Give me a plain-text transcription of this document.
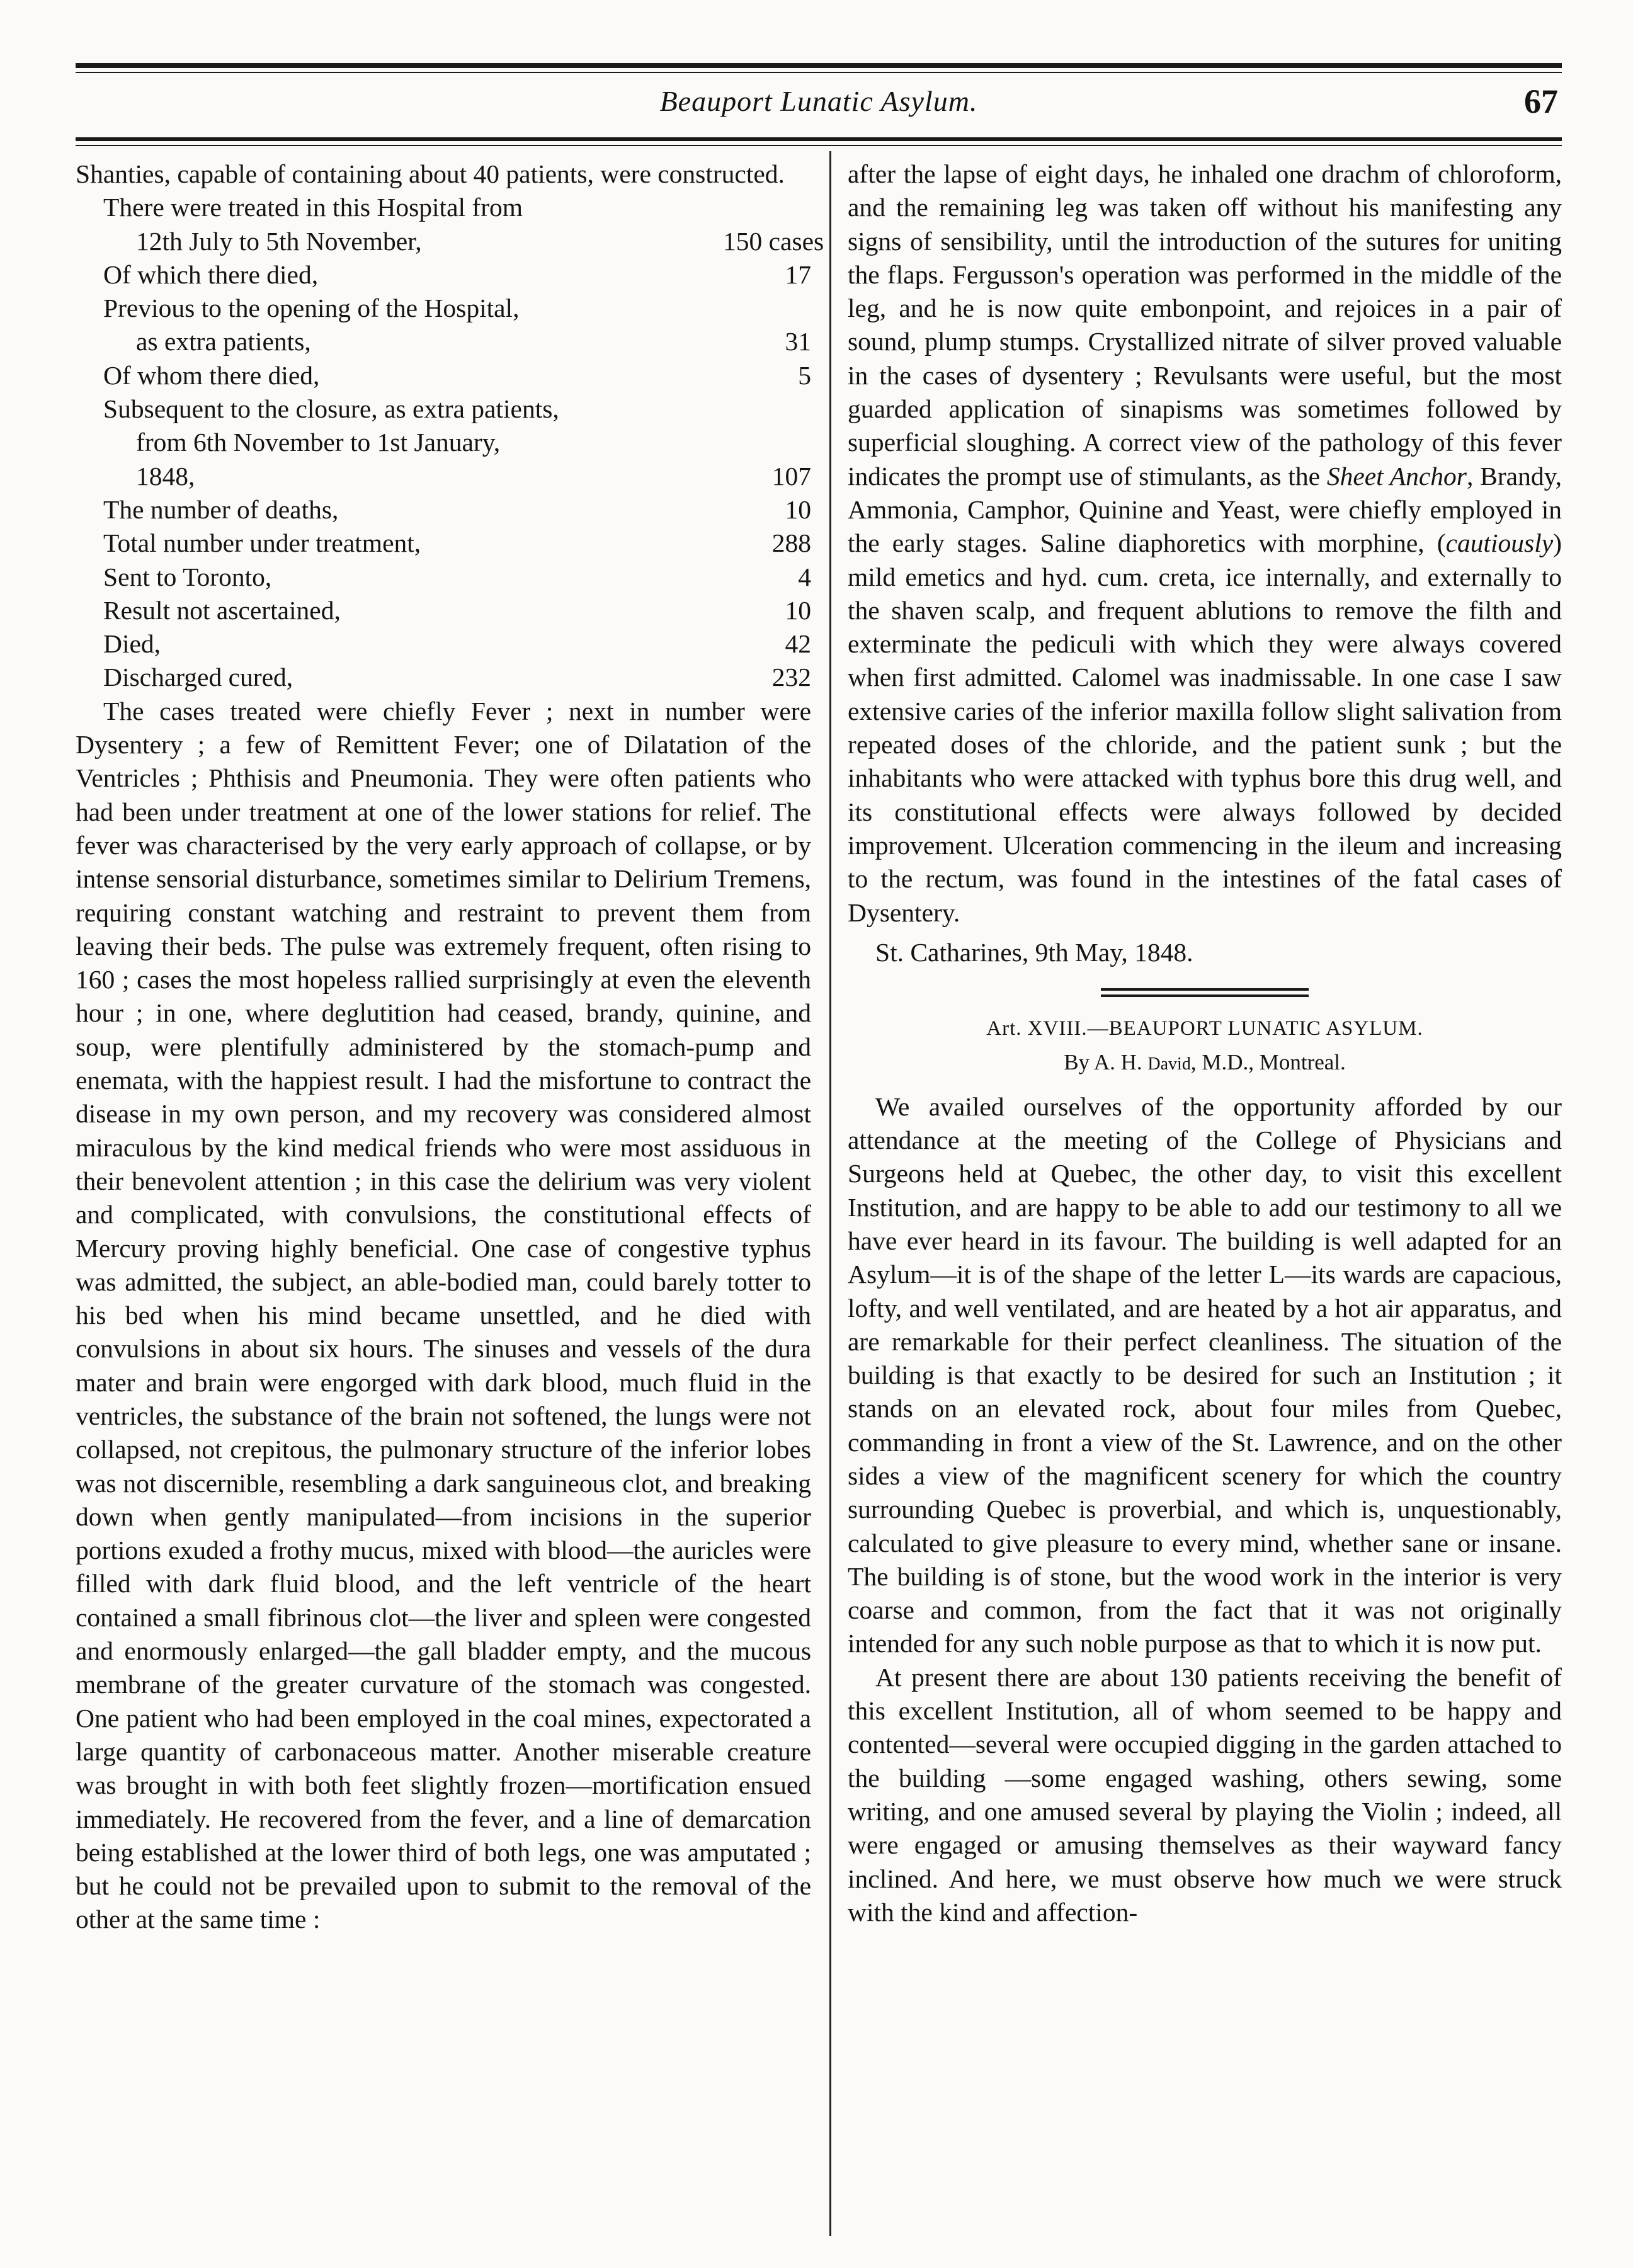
Beauport Lunatic Asylum.	67

Shanties, capable of containing about 40 patients, were constructed.

There were treated in this Hospital from

12th July to 5th November,	150 cases
Of which there died,	17
Previous to the opening of the Hospital,
as extra patients,	31
Of whom there died,	5
Subsequent to the closure, as extra patients,
from 6th November to 1st January,
1848,	107
The number of deaths,	10
Total number under treatment,	288
Sent to Toronto,	4
Result not ascertained,	10
Died,	42
Discharged cured,	232

The cases treated were chiefly Fever ; next in number were Dysentery ; a few of Remittent Fever; one of Dilatation of the Ventricles ; Phthisis and Pneumonia. They were often patients who had been under treatment at one of the lower stations for relief. The fever was characterised by the very early approach of collapse, or by intense sensorial disturbance, sometimes similar to Delirium Tremens, requiring constant watching and restraint to prevent them from leaving their beds. The pulse was extremely frequent, often rising to 160 ; cases the most hopeless rallied surprisingly at even the eleventh hour ; in one, where deglutition had ceased, brandy, quinine, and soup, were plentifully administered by the stomach-pump and enemata, with the happiest result. I had the misfortune to contract the disease in my own person, and my recovery was considered almost miraculous by the kind medical friends who were most assiduous in their benevolent attention ; in this case the delirium was very violent and complicated, with convulsions, the constitutional effects of Mercury proving highly beneficial. One case of congestive typhus was admitted, the subject, an able-bodied man, could barely totter to his bed when his mind became unsettled, and he died with convulsions in about six hours. The sinuses and vessels of the dura mater and brain were engorged with dark blood, much fluid in the ventricles, the substance of the brain not softened, the lungs were not collapsed, not crepitous, the pulmonary structure of the inferior lobes was not discernible, resembling a dark sanguineous clot, and breaking down when gently manipulated—from incisions in the superior portions exuded a frothy mucus, mixed with blood—the auricles were filled with dark fluid blood, and the left ventricle of the heart contained a small fibrinous clot—the liver and spleen were congested and enormously enlarged—the gall bladder empty, and the mucous membrane of the greater curvature of the stomach was congested. One patient who had been employed in the coal mines, expectorated a large quantity of carbonaceous matter. Another miserable creature was brought in with both feet slightly frozen—mortification ensued immediately. He recovered from the fever, and a line of demarcation being established at the lower third of both legs, one was amputated ; but he could not be prevailed upon to submit to the removal of the other at the same time :

after the lapse of eight days, he inhaled one drachm of chloroform, and the remaining leg was taken off without his manifesting any signs of sensibility, until the introduction of the sutures for uniting the flaps. Fergusson's operation was performed in the middle of the leg, and he is now quite embonpoint, and rejoices in a pair of sound, plump stumps. Crystallized nitrate of silver proved valuable in the cases of dysentery ; Revulsants were useful, but the most guarded application of sinapisms was sometimes followed by superficial sloughing. A correct view of the pathology of this fever indicates the prompt use of stimulants, as the Sheet Anchor, Brandy, Ammonia, Camphor, Quinine and Yeast, were chiefly employed in the early stages. Saline diaphoretics with morphine, (cautiously) mild emetics and hyd. cum. creta, ice internally, and externally to the shaven scalp, and frequent ablutions to remove the filth and exterminate the pediculi with which they were always covered when first admitted. Calomel was inadmissable. In one case I saw extensive caries of the inferior maxilla follow slight salivation from repeated doses of the chloride, and the patient sunk ; but the inhabitants who were attacked with typhus bore this drug well, and its constitutional effects were always followed by decided improvement. Ulceration commencing in the ileum and increasing to the rectum, was found in the intestines of the fatal cases of Dysentery.

St. Catharines, 9th May, 1848.

Art. XVIII.—BEAUPORT LUNATIC ASYLUM.
By A. H. David, M.D., Montreal.

We availed ourselves of the opportunity afforded by our attendance at the meeting of the College of Physicians and Surgeons held at Quebec, the other day, to visit this excellent Institution, and are happy to be able to add our testimony to all we have ever heard in its favour. The building is well adapted for an Asylum—it is of the shape of the letter L—its wards are capacious, lofty, and well ventilated, and are heated by a hot air apparatus, and are remarkable for their perfect cleanliness. The situation of the building is that exactly to be desired for such an Institution ; it stands on an elevated rock, about four miles from Quebec, commanding in front a view of the St. Lawrence, and on the other sides a view of the magnificent scenery for which the country surrounding Quebec is proverbial, and which is, unquestionably, calculated to give pleasure to every mind, whether sane or insane. The building is of stone, but the wood work in the interior is very coarse and common, from the fact that it was not originally intended for any such noble purpose as that to which it is now put.

At present there are about 130 patients receiving the benefit of this excellent Institution, all of whom seemed to be happy and contented—several were occupied digging in the garden attached to the building —some engaged washing, others sewing, some writing, and one amused several by playing the Violin ; indeed, all were engaged or amusing themselves as their wayward fancy inclined. And here, we must observe how much we were struck with the kind and affection-
